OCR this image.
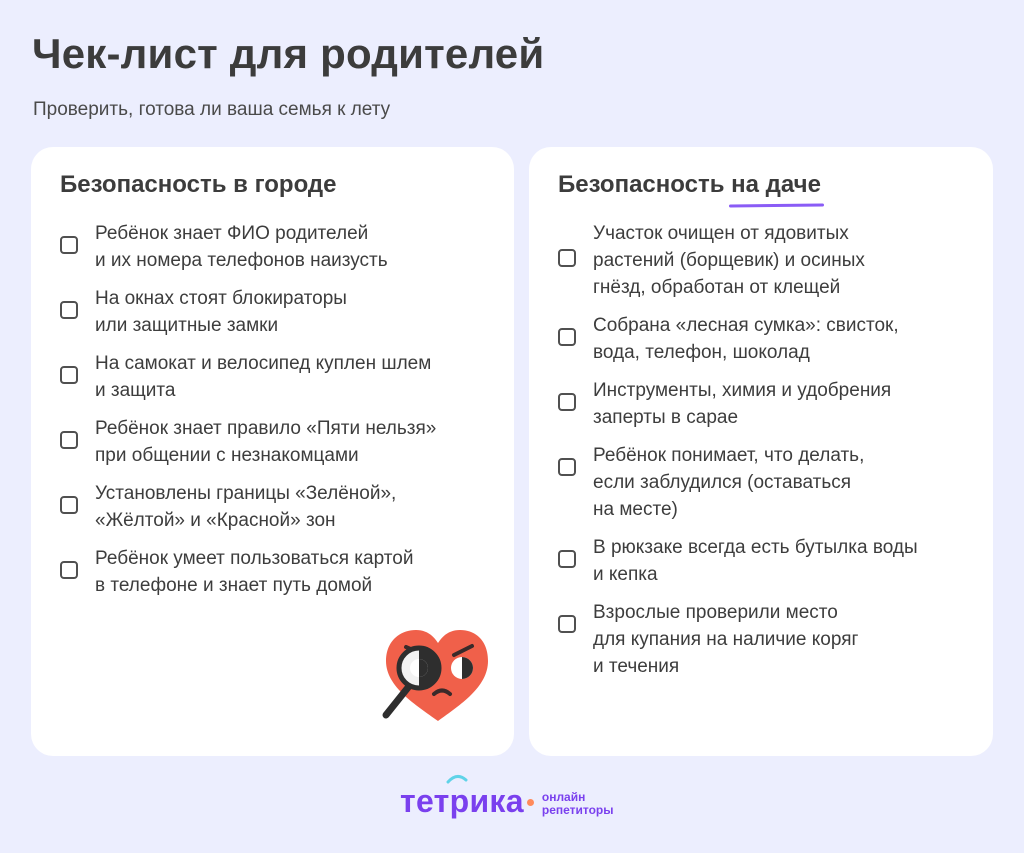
Чек-лист для родителей
Проверить, готова ли ваша семья к лету
Безопасность в городе
Ребёнок знает ФИО родителей
и их номера телефонов наизусть
На окнах стоят блокираторы
или защитные замки
На самокат и велосипед куплен шлем
и защита
Ребёнок знает правило «Пяти нельзя»
при общении с незнакомцами
Установлены границы «Зелёной»,
«Жёлтой» и «Красной» зон
Ребёнок умеет пользоваться картой
в телефоне и знает путь домой
Безопасность на даче
Участок очищен от ядовитых
растений (борщевик) и осиных
гнёзд, обработан от клещей
Собрана «лесная сумка»: свисток,
вода, телефон, шоколад
Инструменты, химия и удобрения
заперты в сарае
Ребёнок понимает, что делать,
если заблудился (оставаться
на месте)
В рюкзаке всегда есть бутылка воды
и кепка
Взрослые проверили место
для купания на наличие коряг
и течения
тетрика онлайн
репетиторы
